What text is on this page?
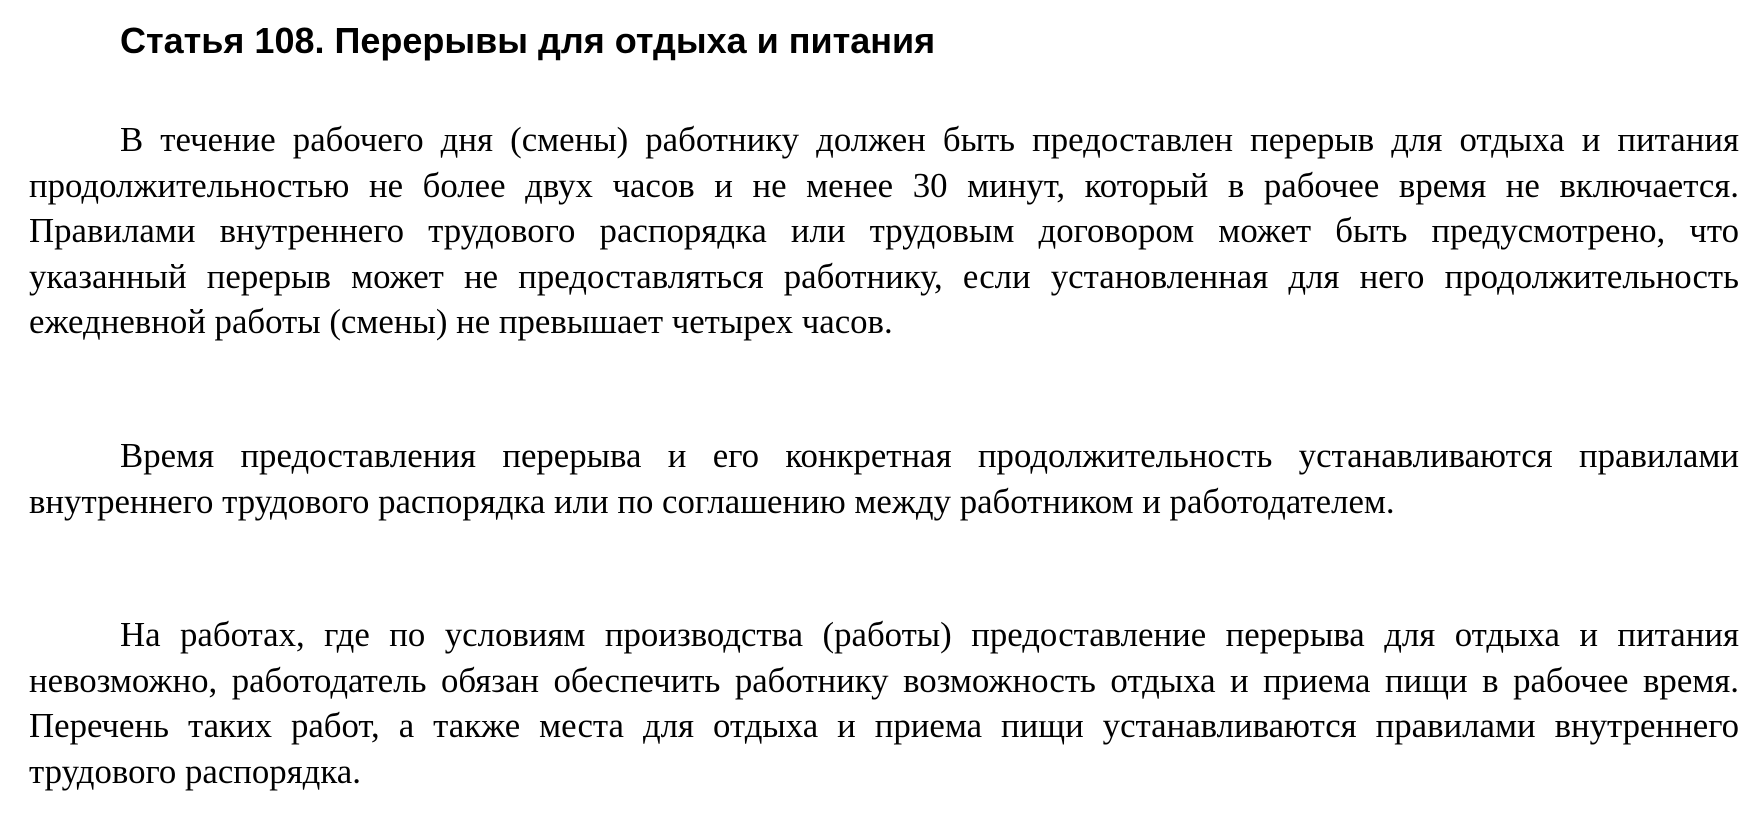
Статья 108. Перерывы для отдыха и питания

В течение рабочего дня (смены) работнику должен быть предоставлен перерыв для отдыха и питания продолжительностью не более двух часов и не менее 30 минут, который в рабочее время не включается. Правилами внутреннего трудового распорядка или трудовым договором может быть предусмотрено, что указанный перерыв может не предоставляться работнику, если установленная для него продолжительность ежедневной работы (смены) не превышает четырех часов.

Время предоставления перерыва и его конкретная продолжительность устанавливаются правилами внутреннего трудового распорядка или по соглашению между работником и работодателем.

На работах, где по условиям производства (работы) предоставление перерыва для отдыха и питания невозможно, работодатель обязан обеспечить работнику возможность отдыха и приема пищи в рабочее время. Перечень таких работ, а также места для отдыха и приема пищи устанавливаются правилами внутреннего трудового распорядка.
